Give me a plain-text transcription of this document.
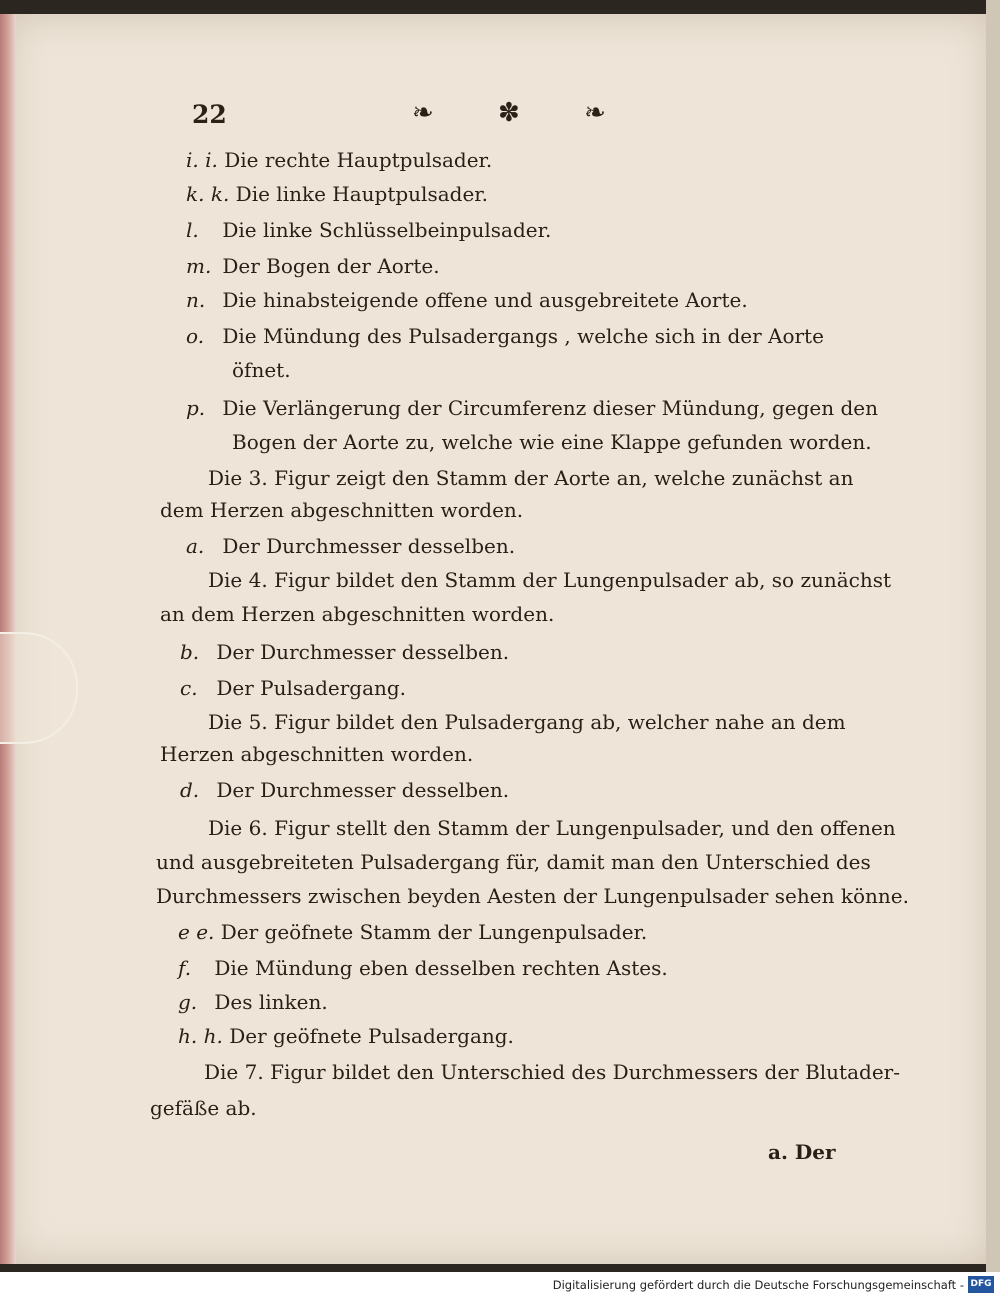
22	❧ ✽ ❧

i. i. Die rechte Hauptpulsader.

k. k. Die linke Hauptpulsader.

l. Die linke Schlüsselbeinpulsader.

m. Der Bogen der Aorte.

n. Die hinabsteigende offene und ausgebreitete Aorte.

o. Die Mündung des Pulsadergangs , welche sich in der Aorte

öfnet.

p. Die Verlängerung der Circumferenz dieser Mündung, gegen den

Bogen der Aorte zu, welche wie eine Klappe gefunden worden.

Die 3. Figur zeigt den Stamm der Aorte an, welche zunächst an

dem Herzen abgeschnitten worden.

a. Der Durchmesser desselben.

Die 4. Figur bildet den Stamm der Lungenpulsader ab, so zunächst

an dem Herzen abgeschnitten worden.

b. Der Durchmesser desselben.

c. Der Pulsadergang.

Die 5. Figur bildet den Pulsadergang ab, welcher nahe an dem

Herzen abgeschnitten worden.

d. Der Durchmesser desselben.

Die 6. Figur stellt den Stamm der Lungenpulsader, und den offenen

und ausgebreiteten Pulsadergang für, damit man den Unterschied des

Durchmessers zwischen beyden Aesten der Lungenpulsader sehen könne.

e e. Der geöfnete Stamm der Lungenpulsader.

f. Die Mündung eben desselben rechten Astes.

g. Des linken.

h. h. Der geöfnete Pulsadergang.

Die 7. Figur bildet den Unterschied des Durchmessers der Blutader-

gefäße ab.

a. Der
Digitalisierung gefördert durch die Deutsche Forschungsgemeinschaft - DFG
